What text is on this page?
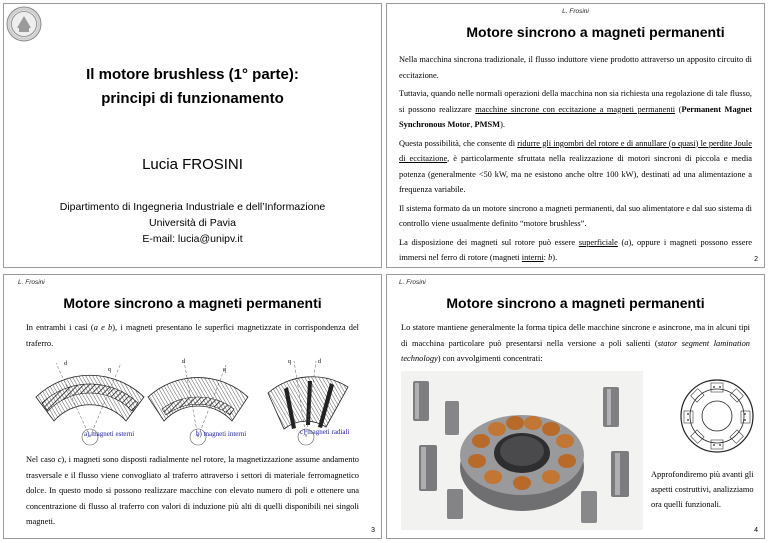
Il motore brushless (1° parte):
principi di funzionamento
Lucia FROSINI
Dipartimento di Ingegneria Industriale e dell’Informazione
Università di Pavia
E-mail: lucia@unipv.it
L. Frosini
Motore sincrono a magneti permanenti

Nella macchina sincrona tradizionale, il flusso induttore viene prodotto attraverso un apposito circuito di eccitazione.

Tuttavia, quando nelle normali operazioni della macchina non sia richiesta una regolazione di tale flusso, si possono realizzare macchine sincrone con eccitazione a magneti permanenti (Permanent Magnet Synchronous Motor, PMSM).

Questa possibilità, che consente di ridurre gli ingombri del rotore e di annullare (o quasi) le perdite Joule di eccitazione, è particolarmente sfruttata nella realizzazione di motori sincroni di piccola e media potenza (generalmente <50 kW, ma ne esistono anche oltre 100 kW), destinati ad una alimentazione a frequenza variabile.

Il sistema formato da un motore sincrono a magneti permanenti, dal suo alimentatore e dal suo sistema di controllo viene usualmente definito “motore brushless”.

La disposizione dei magneti sul rotore può essere superficiale (a), oppure i magneti possono essere immersi nel ferro di rotore (magneti interni: b).	2
L. Frosini
Motore sincrono a magneti permanenti

In entrambi i casi (a e b), i magneti presentano le superfici magnetizzate in corrispondenza del traferro.

d
q
d
q
q	d
a) magneti esterni	b) magneti interni	c) magneti radiali

Nel caso c), i magneti sono disposti radialmente nel rotore, la magnetizzazione assume andamento trasversale e il flusso viene convogliato al traferro attraverso i settori di materiale ferromagnetico dolce. In questo modo si possono realizzare macchine con elevato numero di poli e ottenere una concentrazione di flusso al traferro con valori di induzione più alti di quelli disponibili nei singoli magneti.

3
L. Frosini
Motore sincrono a magneti permanenti

Lo statore mantiene generalmente la forma tipica delle macchine sincrone e asincrone, ma in alcuni tipi di macchina particolare può presentarsi nella versione a poli salienti (stator segment lamination technology) con avvolgimenti concentrati:

Approfondiremo più avanti gli aspetti costruttivi, analizziamo ora quelli funzionali.
4
